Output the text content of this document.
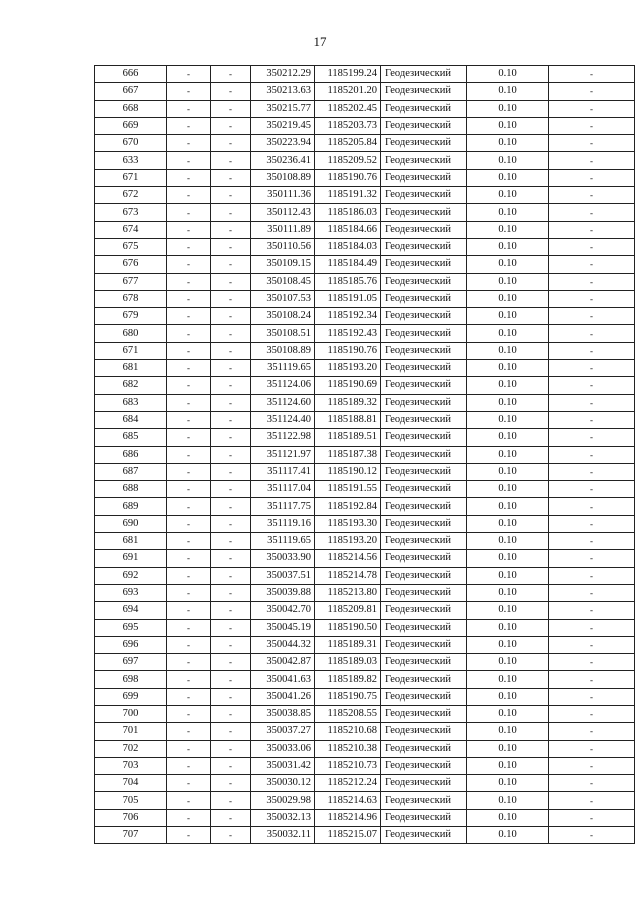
17
666	-	-	350212.29	1185199.24	Геодезический	0.10	-
667	-	-	350213.63	1185201.20	Геодезический	0.10	-
668	-	-	350215.77	1185202.45	Геодезический	0.10	-
669	-	-	350219.45	1185203.73	Геодезический	0.10	-
670	-	-	350223.94	1185205.84	Геодезический	0.10	-
633	-	-	350236.41	1185209.52	Геодезический	0.10	-
671	-	-	350108.89	1185190.76	Геодезический	0.10	-
672	-	-	350111.36	1185191.32	Геодезический	0.10	-
673	-	-	350112.43	1185186.03	Геодезический	0.10	-
674	-	-	350111.89	1185184.66	Геодезический	0.10	-
675	-	-	350110.56	1185184.03	Геодезический	0.10	-
676	-	-	350109.15	1185184.49	Геодезический	0.10	-
677	-	-	350108.45	1185185.76	Геодезический	0.10	-
678	-	-	350107.53	1185191.05	Геодезический	0.10	-
679	-	-	350108.24	1185192.34	Геодезический	0.10	-
680	-	-	350108.51	1185192.43	Геодезический	0.10	-
671	-	-	350108.89	1185190.76	Геодезический	0.10	-
681	-	-	351119.65	1185193.20	Геодезический	0.10	-
682	-	-	351124.06	1185190.69	Геодезический	0.10	-
683	-	-	351124.60	1185189.32	Геодезический	0.10	-
684	-	-	351124.40	1185188.81	Геодезический	0.10	-
685	-	-	351122.98	1185189.51	Геодезический	0.10	-
686	-	-	351121.97	1185187.38	Геодезический	0.10	-
687	-	-	351117.41	1185190.12	Геодезический	0.10	-
688	-	-	351117.04	1185191.55	Геодезический	0.10	-
689	-	-	351117.75	1185192.84	Геодезический	0.10	-
690	-	-	351119.16	1185193.30	Геодезический	0.10	-
681	-	-	351119.65	1185193.20	Геодезический	0.10	-
691	-	-	350033.90	1185214.56	Геодезический	0.10	-
692	-	-	350037.51	1185214.78	Геодезический	0.10	-
693	-	-	350039.88	1185213.80	Геодезический	0.10	-
694	-	-	350042.70	1185209.81	Геодезический	0.10	-
695	-	-	350045.19	1185190.50	Геодезический	0.10	-
696	-	-	350044.32	1185189.31	Геодезический	0.10	-
697	-	-	350042.87	1185189.03	Геодезический	0.10	-
698	-	-	350041.63	1185189.82	Геодезический	0.10	-
699	-	-	350041.26	1185190.75	Геодезический	0.10	-
700	-	-	350038.85	1185208.55	Геодезический	0.10	-
701	-	-	350037.27	1185210.68	Геодезический	0.10	-
702	-	-	350033.06	1185210.38	Геодезический	0.10	-
703	-	-	350031.42	1185210.73	Геодезический	0.10	-
704	-	-	350030.12	1185212.24	Геодезический	0.10	-
705	-	-	350029.98	1185214.63	Геодезический	0.10	-
706	-	-	350032.13	1185214.96	Геодезический	0.10	-
707	-	-	350032.11	1185215.07	Геодезический	0.10	-
